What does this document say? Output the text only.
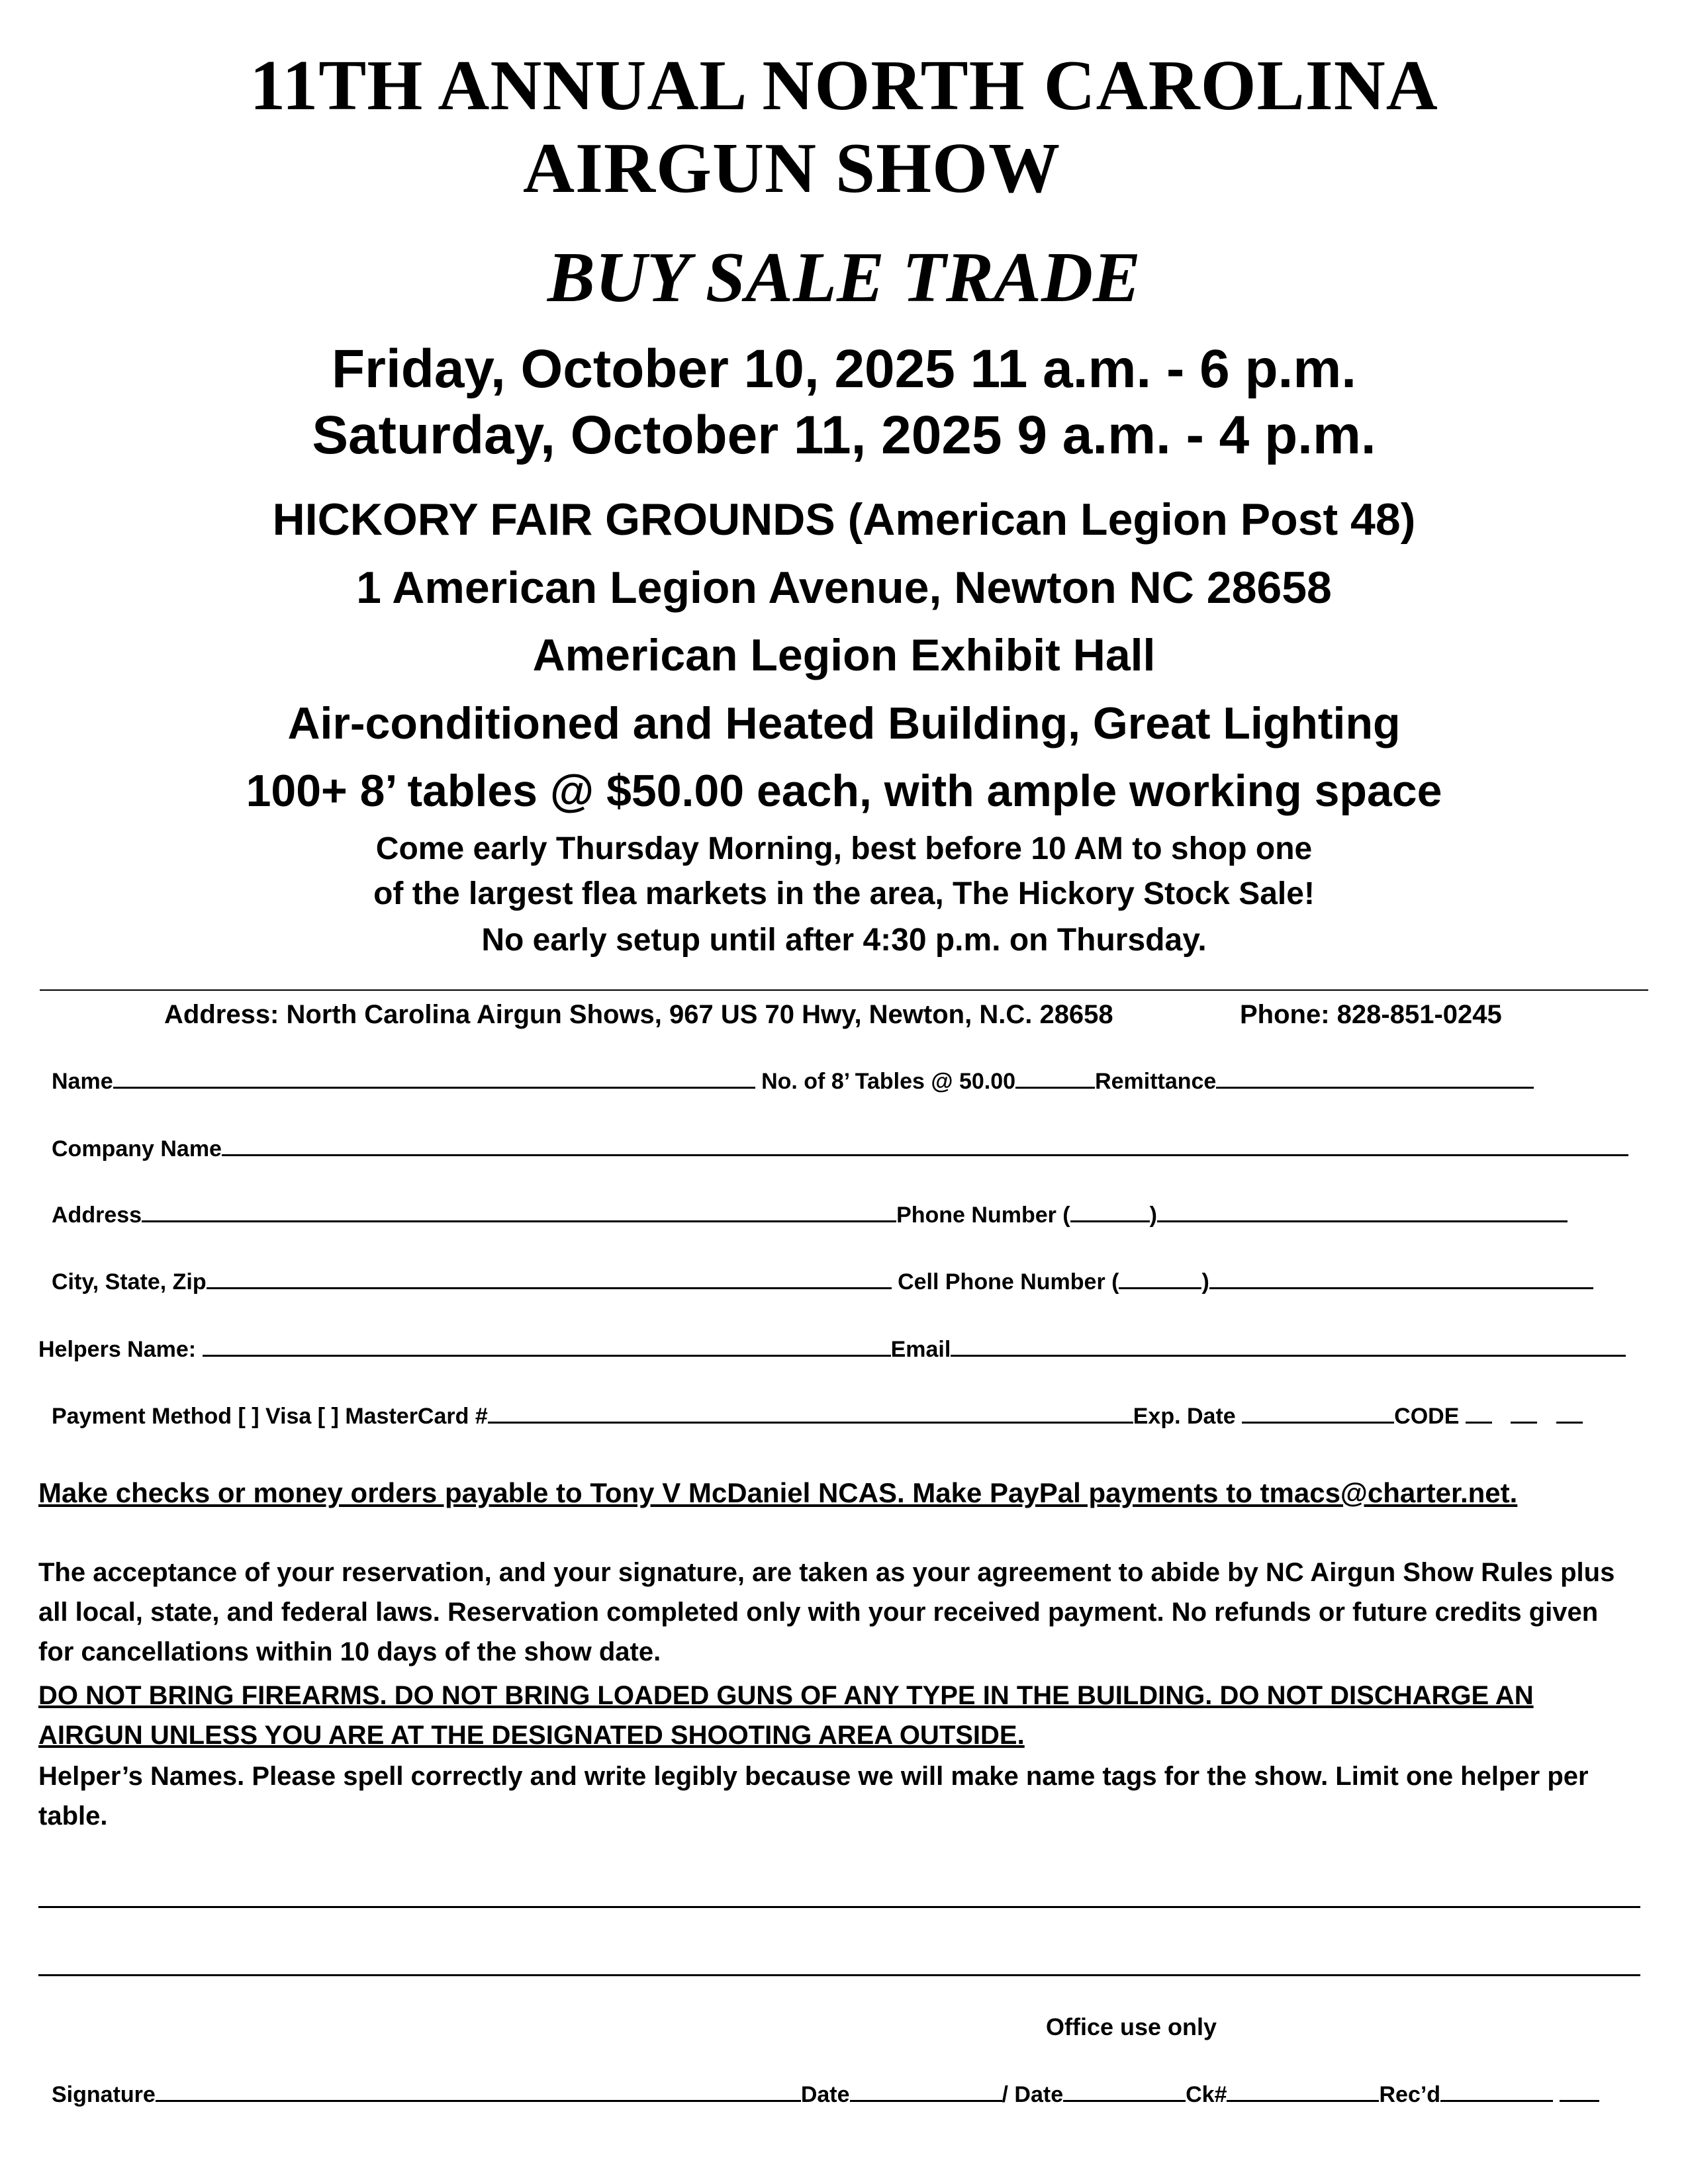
11TH ANNUAL NORTH CAROLINA
AIRGUN SHOW
BUY SALE TRADE
Friday, October 10, 2025 11 a.m. - 6 p.m.
Saturday, October 11, 2025 9 a.m. - 4 p.m.
HICKORY FAIR GROUNDS (American Legion Post 48)
1 American Legion Avenue, Newton NC 28658
American Legion Exhibit Hall
Air-conditioned and Heated Building, Great Lighting
100+ 8’ tables @ $50.00 each, with ample working space
Come early Thursday Morning, best before 10 AM to shop one
of the largest flea markets in the area, The Hickory Stock Sale!
No early setup until after 4:30 p.m. on Thursday.
Address: North Carolina Airgun Shows, 967 US 70 Hwy, Newton, N.C. 28658	Phone: 828-851-0245
Name	No. of 8’ Tables @ 50.00	Remittance
Company Name
Address	Phone Number (	)
City, State, Zip	Cell Phone Number (	)
Helpers Name:	Email
Payment Method [ ] Visa [ ] MasterCard #	Exp. Date	CODE
Make checks or money orders payable to Tony V McDaniel NCAS. Make PayPal payments to tmacs@charter.net.
The acceptance of your reservation, and your signature, are taken as your agreement to abide by NC Airgun Show Rules plus all local, state, and federal laws. Reservation completed only with your received payment. No refunds or future credits given for cancellations within 10 days of the show date.
DO NOT BRING FIREARMS. DO NOT BRING LOADED GUNS OF ANY TYPE IN THE BUILDING. DO NOT DISCHARGE AN AIRGUN UNLESS YOU ARE AT THE DESIGNATED SHOOTING AREA OUTSIDE.
Helper’s Names. Please spell correctly and write legibly because we will make name tags for the show. Limit one helper per table.
Office use only
Signature	Date	/ Date	Ck#	Rec’d
